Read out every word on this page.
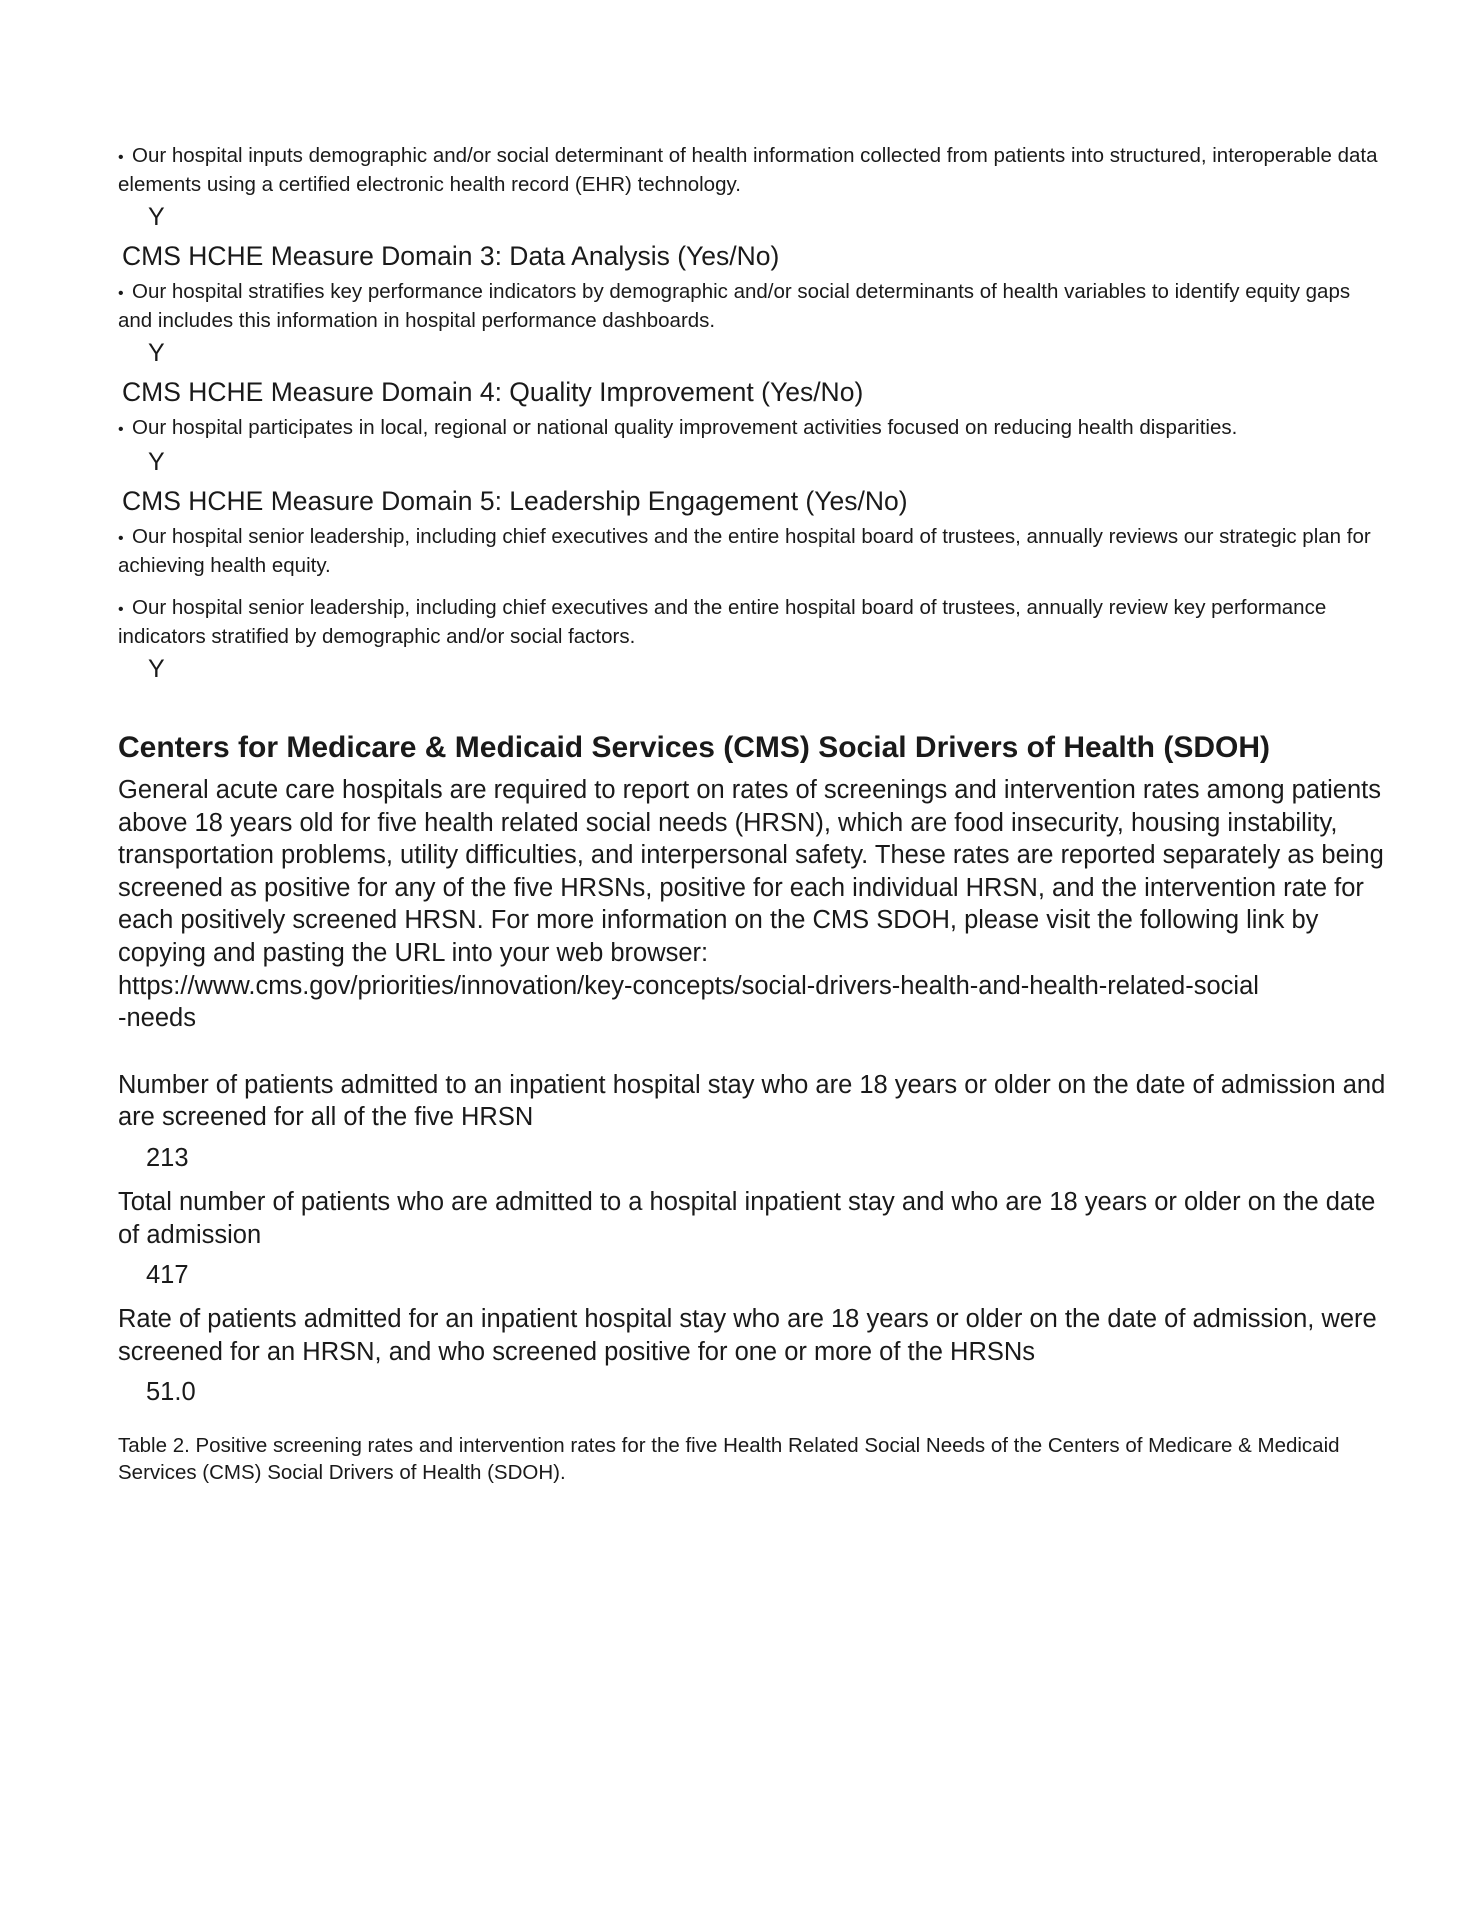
• Our hospital inputs demographic and/or social determinant of health information collected from patients into structured, interoperable data elements using a certified electronic health record (EHR) technology.

Y

CMS HCHE Measure Domain 3: Data Analysis (Yes/No)

• Our hospital stratifies key performance indicators by demographic and/or social determinants of health variables to identify equity gaps and includes this information in hospital performance dashboards.

Y

CMS HCHE Measure Domain 4: Quality Improvement (Yes/No)

• Our hospital participates in local, regional or national quality improvement activities focused on reducing health disparities.

Y

CMS HCHE Measure Domain 5: Leadership Engagement (Yes/No)

• Our hospital senior leadership, including chief executives and the entire hospital board of trustees, annually reviews our strategic plan for achieving health equity.

• Our hospital senior leadership, including chief executives and the entire hospital board of trustees, annually review key performance indicators stratified by demographic and/or social factors.

Y

Centers for Medicare & Medicaid Services (CMS) Social Drivers of Health (SDOH)

General acute care hospitals are required to report on rates of screenings and intervention rates among patients above 18 years old for five health related social needs (HRSN), which are food insecurity, housing instability, transportation problems, utility difficulties, and interpersonal safety. These rates are reported separately as being screened as positive for any of the five HRSNs, positive for each individual HRSN, and the intervention rate for each positively screened HRSN. For more information on the CMS SDOH, please visit the following link by copying and pasting the URL into your web browser:

https://www.cms.gov/priorities/innovation/key-concepts/social-drivers-health-and-health-related-social
-needs

Number of patients admitted to an inpatient hospital stay who are 18 years or older on the date of admission and are screened for all of the five HRSN

213

Total number of patients who are admitted to a hospital inpatient stay and who are 18 years or older on the date of admission

417

Rate of patients admitted for an inpatient hospital stay who are 18 years or older on the date of admission, were screened for an HRSN, and who screened positive for one or more of the HRSNs

51.0

Table 2. Positive screening rates and intervention rates for the five Health Related Social Needs of the Centers of Medicare & Medicaid Services (CMS) Social Drivers of Health (SDOH).
